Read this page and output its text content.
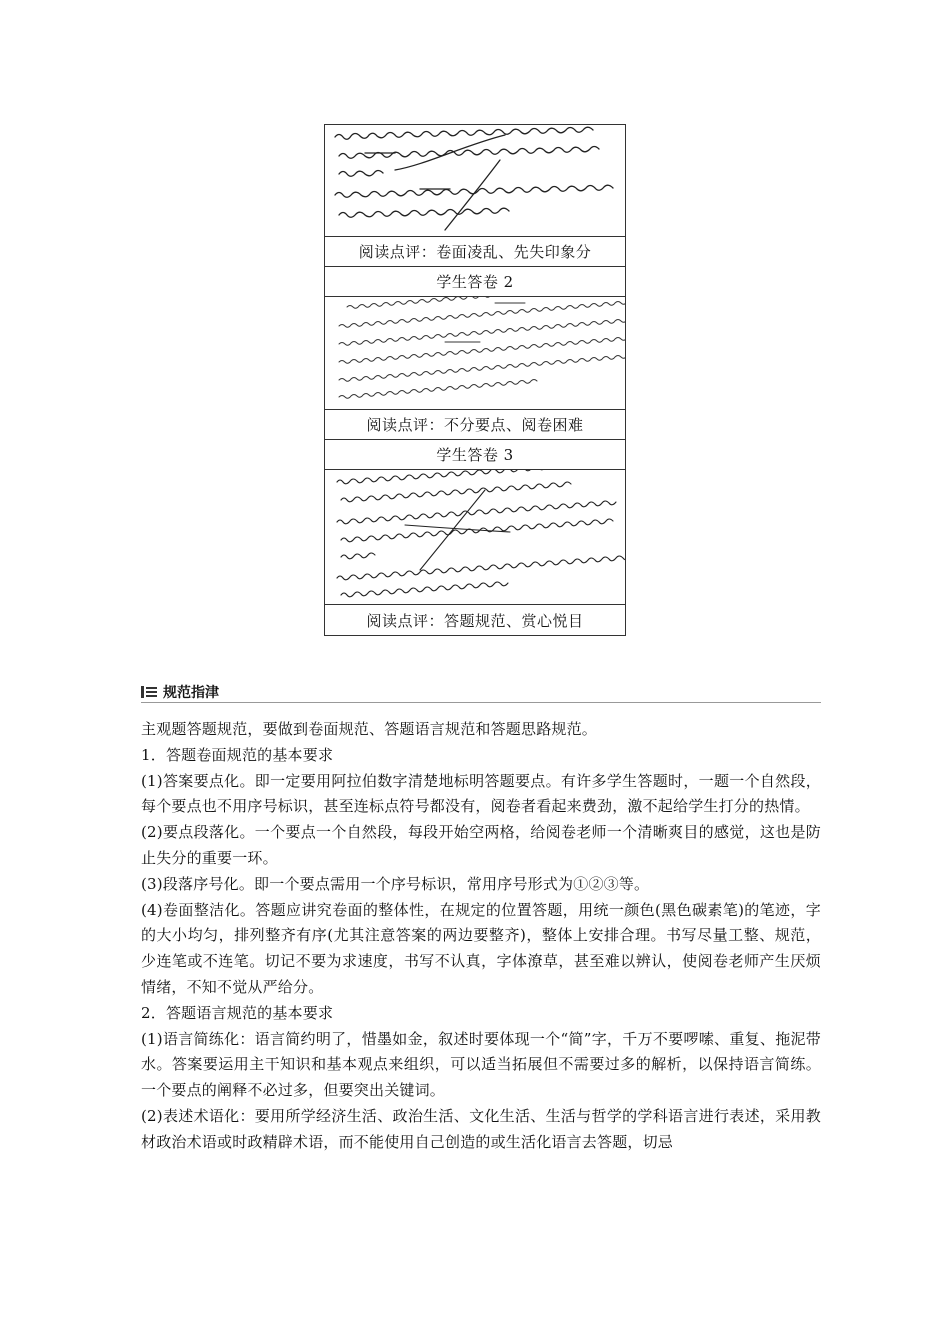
阅读点评：卷面凌乱、先失印象分
学生答卷 2
阅读点评：不分要点、阅卷困难
学生答卷 3
阅读点评：答题规范、赏心悦目
规范指津

主观题答题规范，要做到卷面规范、答题语言规范和答题思路规范。

1．答题卷面规范的基本要求

(1)答案要点化。即一定要用阿拉伯数字清楚地标明答题要点。有许多学生答题时，一题一个自然段，每个要点也不用序号标识，甚至连标点符号都没有，阅卷者看起来费劲，激不起给学生打分的热情。

(2)要点段落化。一个要点一个自然段，每段开始空两格，给阅卷老师一个清晰爽目的感觉，这也是防止失分的重要一环。

(3)段落序号化。即一个要点需用一个序号标识，常用序号形式为①②③等。

(4)卷面整洁化。答题应讲究卷面的整体性，在规定的位置答题，用统一颜色(黑色碳素笔)的笔迹，字的大小均匀，排列整齐有序(尤其注意答案的两边要整齐)，整体上安排合理。书写尽量工整、规范，少连笔或不连笔。切记不要为求速度，书写不认真，字体潦草，甚至难以辨认，使阅卷老师产生厌烦情绪，不知不觉从严给分。

2．答题语言规范的基本要求

(1)语言简练化：语言简约明了，惜墨如金，叙述时要体现一个“简”字，千万不要啰嗦、重复、拖泥带水。答案要运用主干知识和基本观点来组织，可以适当拓展但不需要过多的解析，以保持语言简练。一个要点的阐释不必过多，但要突出关键词。

(2)表述术语化：要用所学经济生活、政治生活、文化生活、生活与哲学的学科语言进行表述，采用教材政治术语或时政精辟术语，而不能使用自己创造的或生活化语言去答题，切忌
